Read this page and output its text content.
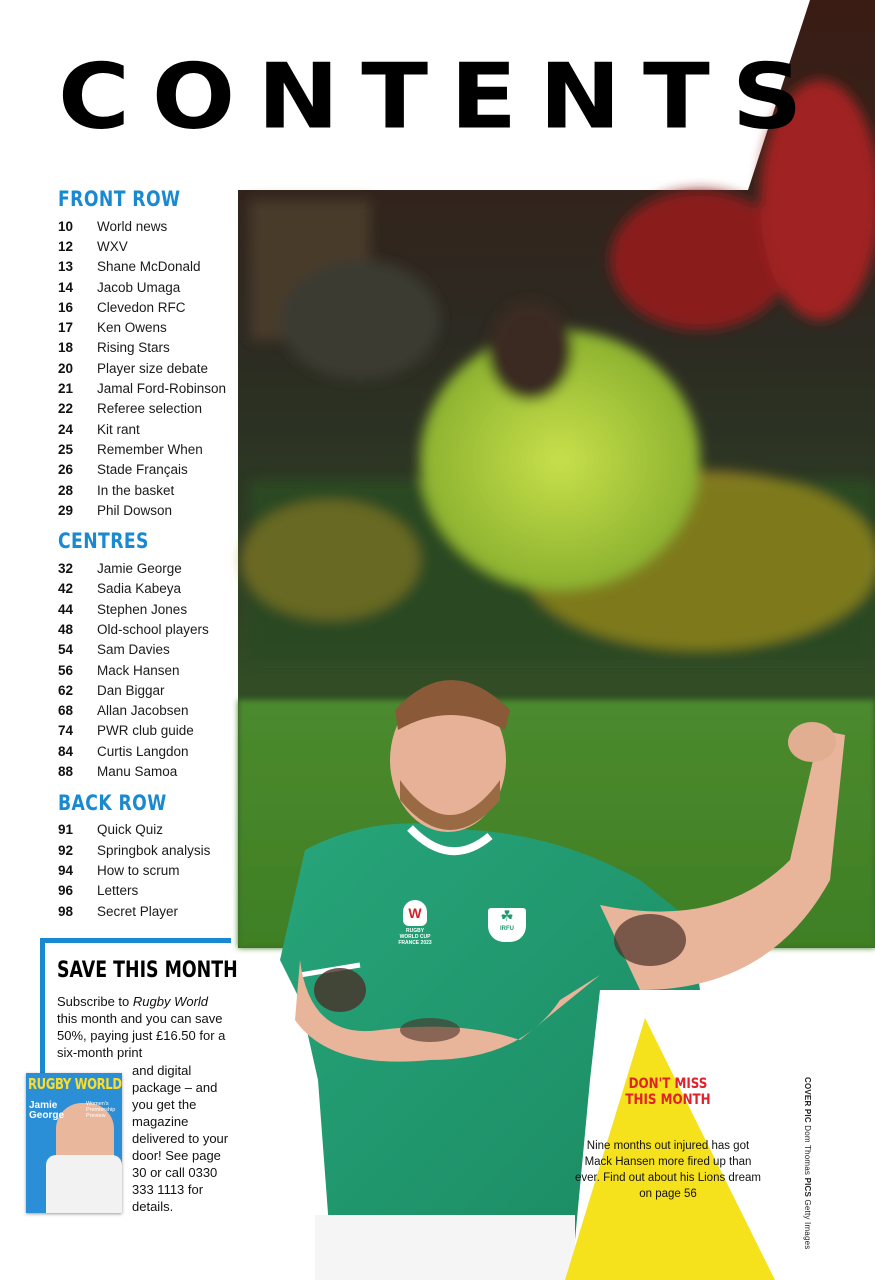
W
RUGBY WORLD CUP FRANCE 2023
☘
IRFU
CONTENTS
FRONT ROW
10	World news
12	WXV
13	Shane McDonald
14	Jacob Umaga
16	Clevedon RFC
17	Ken Owens
18	Rising Stars
20	Player size debate
21	Jamal Ford-Robinson
22	Referee selection
24	Kit rant
25	Remember When
26	Stade Français
28	In the basket
29	Phil Dowson
CENTRES
32	Jamie George
42	Sadia Kabeya
44	Stephen Jones
48	Old-school players
54	Sam Davies
56	Mack Hansen
62	Dan Biggar
68	Allan Jacobsen
74	PWR club guide
84	Curtis Langdon
88	Manu Samoa
BACK ROW
91	Quick Quiz
92	Springbok analysis
94	How to scrum
96	Letters
98	Secret Player
SAVE THIS MONTH

Subscribe to Rugby World this month and you can save 50%, paying just £16.50 for a six-month print

and digital package – and you get the magazine delivered to your door! See page 30 or call 0330 333 1113 for details.

RUGBY WORLD
Jamie George
Women's Premiership Preview
DON'T MISS THIS MONTH
Nine months out injured has got Mack Hansen more fired up than ever. Find out about his Lions dream on page 56
COVER PIC Dom Thomas PICS Getty Images
